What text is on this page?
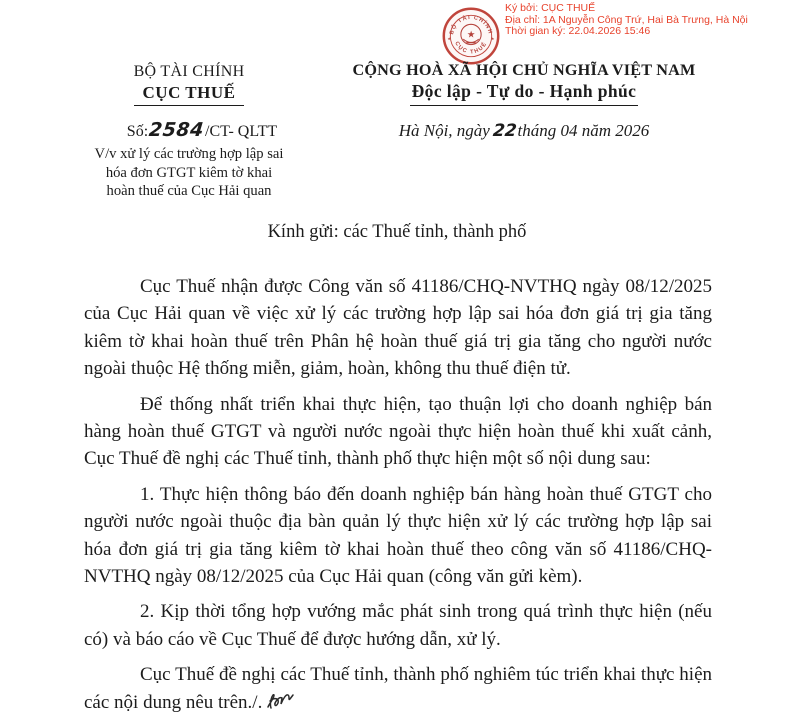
Ký bởi: CỤC THUẾ
Địa chỉ: 1A Nguyễn Công Trứ, Hai Bà Trưng, Hà Nội
Thời gian ký: 22.04.2026 15:46
BỘ TÀI CHÍNH
CỤC THUẾ
★
★	★
BỘ TÀI CHÍNH
CỤC THUẾ
Số:2584/CT- QLTT
V/v xử lý các trường hợp lập sai
hóa đơn GTGT kiêm tờ khai
hoàn thuế của Cục Hải quan
CỘNG HOÀ XÃ HỘI CHỦ NGHĨA VIỆT NAM
Độc lập - Tự do - Hạnh phúc
Hà Nội, ngày 22tháng 04 năm 2026
Kính gửi: các Thuế tỉnh, thành phố

Cục Thuế nhận được Công văn số 41186/CHQ-NVTHQ ngày 08/12/2025 của Cục Hải quan về việc xử lý các trường hợp lập sai hóa đơn giá trị gia tăng kiêm tờ khai hoàn thuế trên Phân hệ hoàn thuế giá trị gia tăng cho người nước ngoài thuộc Hệ thống miễn, giảm, hoàn, không thu thuế điện tử.

Để thống nhất triển khai thực hiện, tạo thuận lợi cho doanh nghiệp bán hàng hoàn thuế GTGT và người nước ngoài thực hiện hoàn thuế khi xuất cảnh, Cục Thuế đề nghị các Thuế tỉnh, thành phố thực hiện một số nội dung sau:

1. Thực hiện thông báo đến doanh nghiệp bán hàng hoàn thuế GTGT cho người nước ngoài thuộc địa bàn quản lý thực hiện xử lý các trường hợp lập sai hóa đơn giá trị gia tăng kiêm tờ khai hoàn thuế theo công văn số 41186/CHQ-NVTHQ ngày 08/12/2025 của Cục Hải quan (công văn gửi kèm).

2. Kịp thời tổng hợp vướng mắc phát sinh trong quá trình thực hiện (nếu có) và báo cáo về Cục Thuế để được hướng dẫn, xử lý.

Cục Thuế đề nghị các Thuế tỉnh, thành phố nghiêm túc triển khai thực hiện các nội dung nêu trên./.
